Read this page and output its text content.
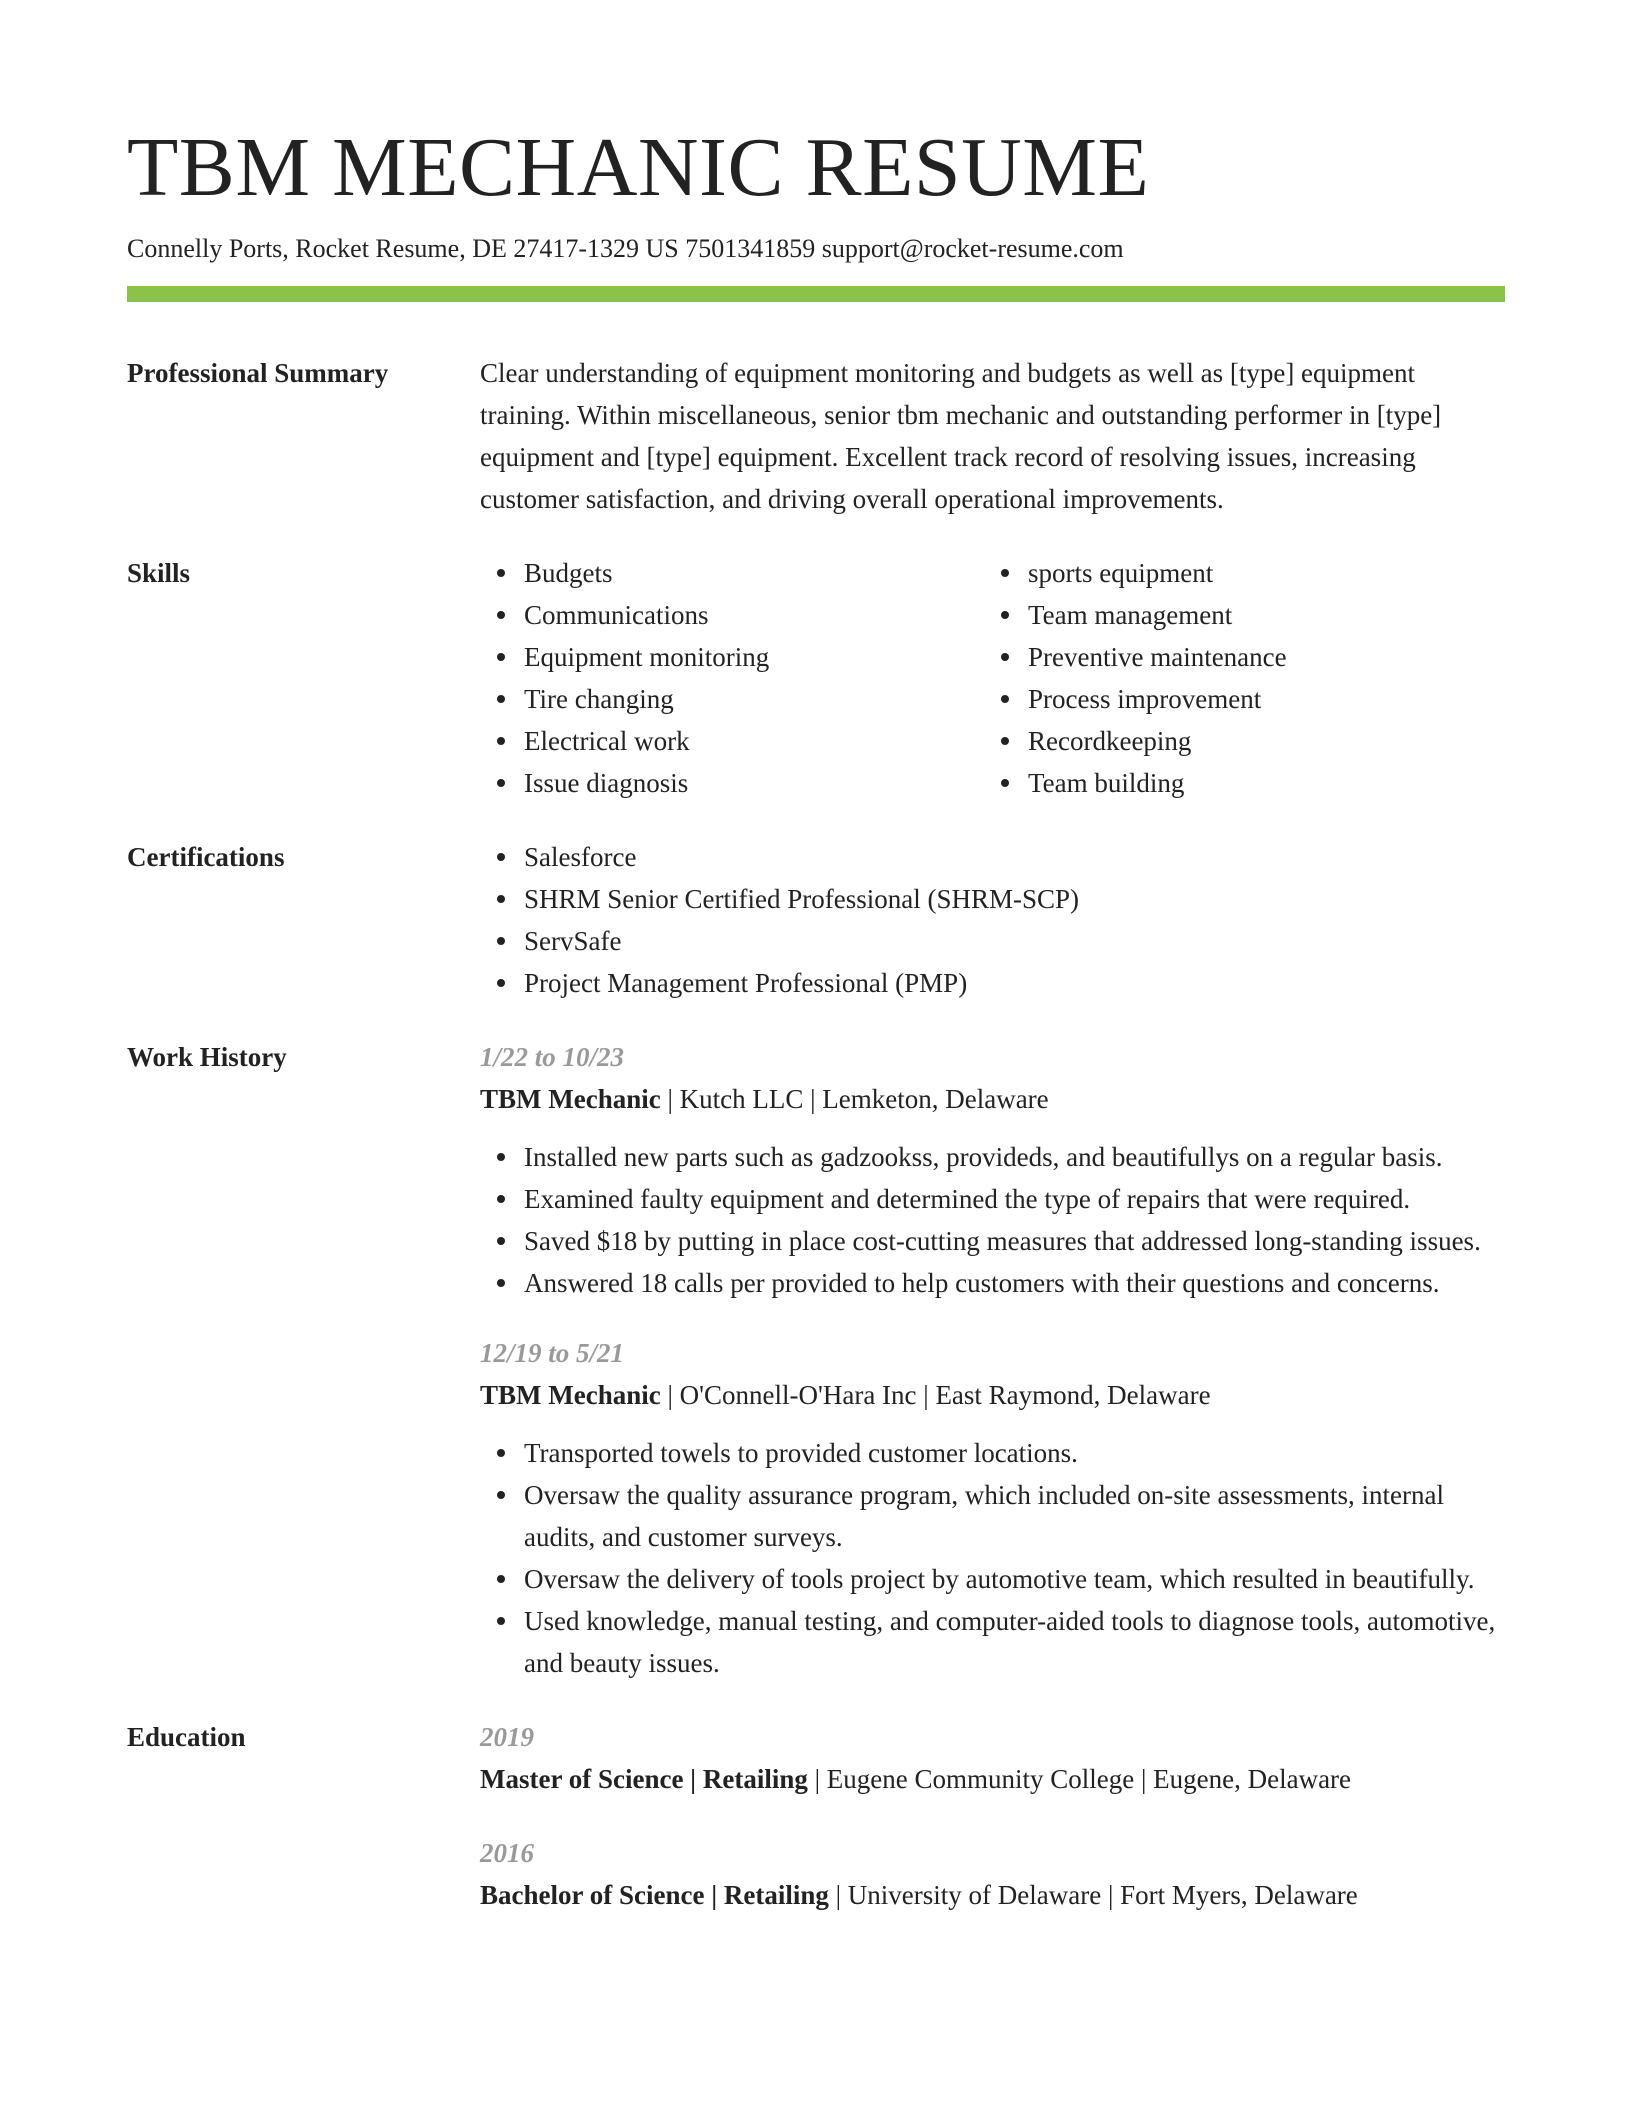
TBM MECHANIC RESUME
Connelly Ports, Rocket Resume, DE 27417-1329 US 7501341859 support@rocket-resume.com
Professional Summary	Clear understanding of equipment monitoring and budgets as well as [type] equipment training. Within miscellaneous, senior tbm mechanic and outstanding performer in [type] equipment and [type] equipment. Excellent track record of resolving issues, increasing customer satisfaction, and driving overall operational improvements.
Skills	Budgets
Communications
Equipment monitoring
Tire changing
Electrical work
Issue diagnosis
sports equipment
Team management
Preventive maintenance
Process improvement
Recordkeeping
Team building
Certifications	Salesforce
SHRM Senior Certified Professional (SHRM-SCP)
ServSafe
Project Management Professional (PMP)
Work History	1/22 to 10/23
TBM Mechanic | Kutch LLC | Lemketon, Delaware
Installed new parts such as gadzookss, provideds, and beautifullys on a regular basis.
Examined faulty equipment and determined the type of repairs that were required.
Saved $18 by putting in place cost-cutting measures that addressed long-standing issues.
Answered 18 calls per provided to help customers with their questions and concerns.
12/19 to 5/21
TBM Mechanic | O'Connell-O'Hara Inc | East Raymond, Delaware
Transported towels to provided customer locations.
Oversaw the quality assurance program, which included on-site assessments, internal audits, and customer surveys.
Oversaw the delivery of tools project by automotive team, which resulted in beautifully.
Used knowledge, manual testing, and computer-aided tools to diagnose tools, automotive, and beauty issues.
Education	2019
Master of Science | Retailing | Eugene Community College | Eugene, Delaware
2016
Bachelor of Science | Retailing | University of Delaware | Fort Myers, Delaware
